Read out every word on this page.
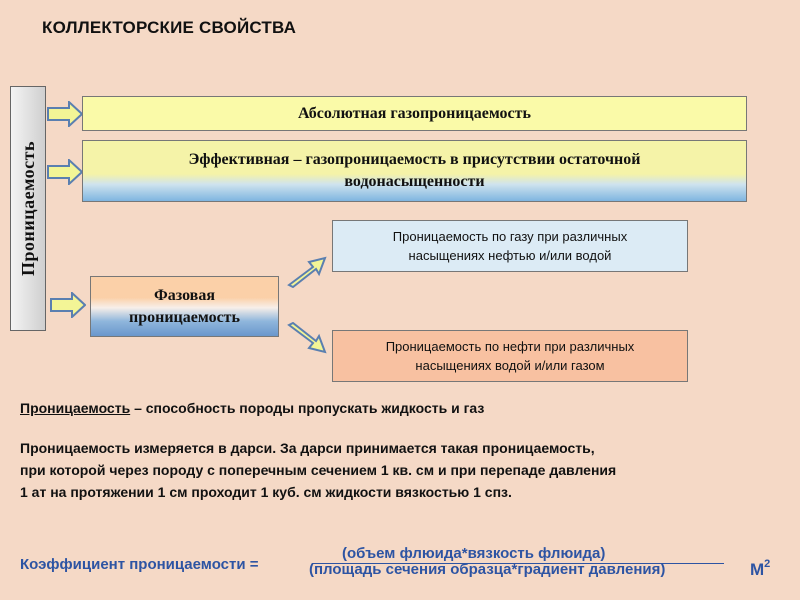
КОЛЛЕКТОРСКИЕ СВОЙСТВА
Проницаемость
Абсолютная газопроницаемость
Эффективная – газопроницаемость в присутствии остаточной
водонасыщенности
Фазовая
проницаемость
Проницаемость по газу при различных
насыщениях нефтью и/или водой
Проницаемость по нефти при различных
насыщениях водой и/или газом
Проницаемость – способность породы пропускать жидкость и газ
Проницаемость измеряется в дарси. За дарси принимается такая проницаемость,
при которой через породу с поперечным сечением 1 кв. см и при перепаде давления
1 ат на протяжении 1 см проходит 1 куб. см жидкости вязкостью 1 спз.
Коэффициент проницаемости =
(объем флюида*вязкость флюида)
(площадь сечения образца*градиент давления)	$М^2$
